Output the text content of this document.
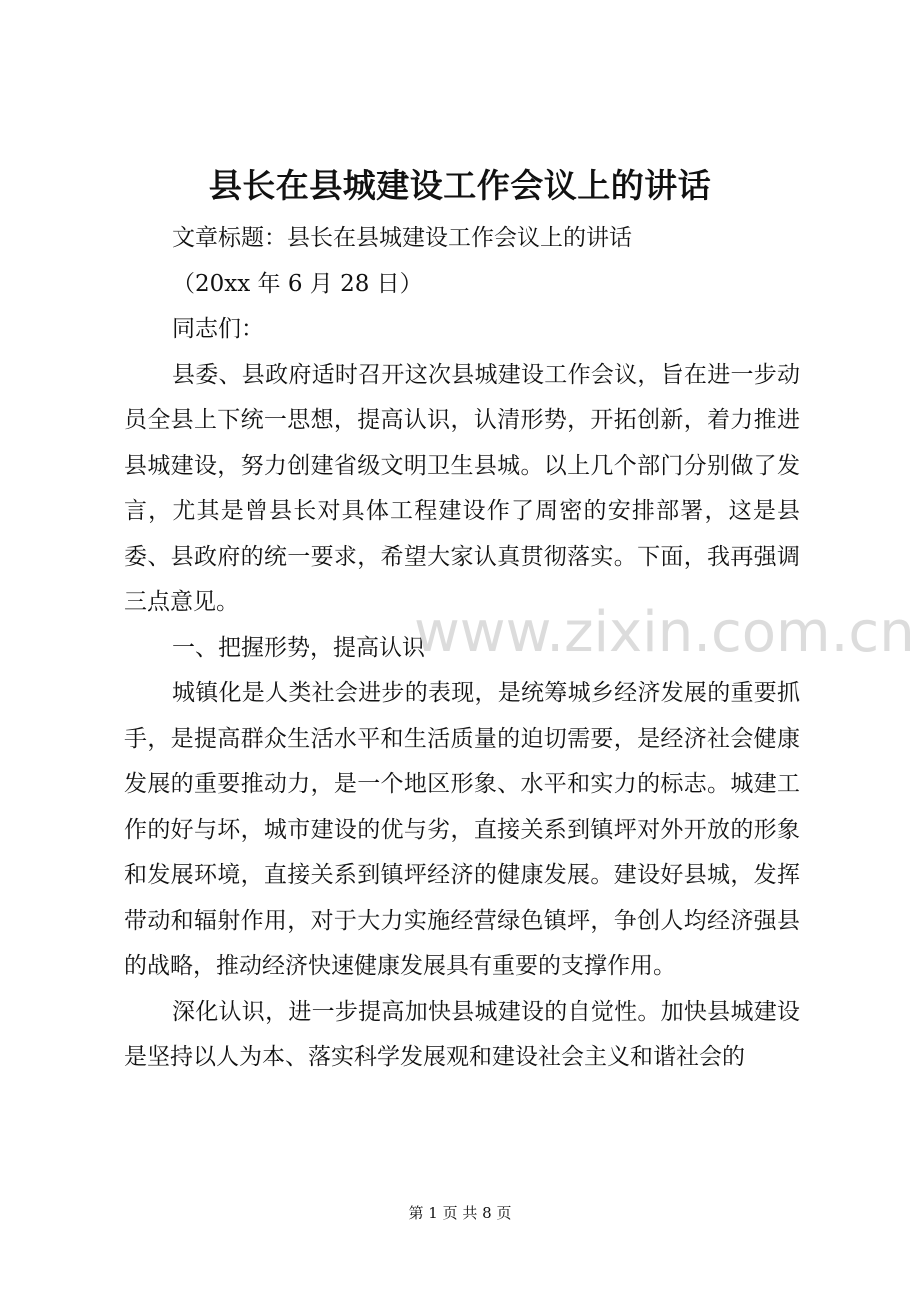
县长在县城建设工作会议上的讲话

文章标题：县长在县城建设工作会议上的讲话

（20xx 年 6 月 28 日）

同志们：

县委、县政府适时召开这次县城建设工作会议，旨在进一步动员全县上下统一思想，提高认识，认清形势，开拓创新，着力推进县城建设，努力创建省级文明卫生县城。以上几个部门分别做了发言，尤其是曾县长对具体工程建设作了周密的安排部署，这是县委、县政府的统一要求，希望大家认真贯彻落实。下面，我再强调三点意见。

一、把握形势，提高认识

城镇化是人类社会进步的表现，是统筹城乡经济发展的重要抓手，是提高群众生活水平和生活质量的迫切需要，是经济社会健康发展的重要推动力，是一个地区形象、水平和实力的标志。城建工作的好与坏，城市建设的优与劣，直接关系到镇坪对外开放的形象和发展环境，直接关系到镇坪经济的健康发展。建设好县城，发挥带动和辐射作用，对于大力实施经营绿色镇坪，争创人均经济强县的战略，推动经济快速健康发展具有重要的支撑作用。

深化认识，进一步提高加快县城建设的自觉性。加快县城建设是坚持以人为本、落实科学发展观和建设社会主义和谐社会的

www.zixin.com.cn
第 1 页 共 8 页
